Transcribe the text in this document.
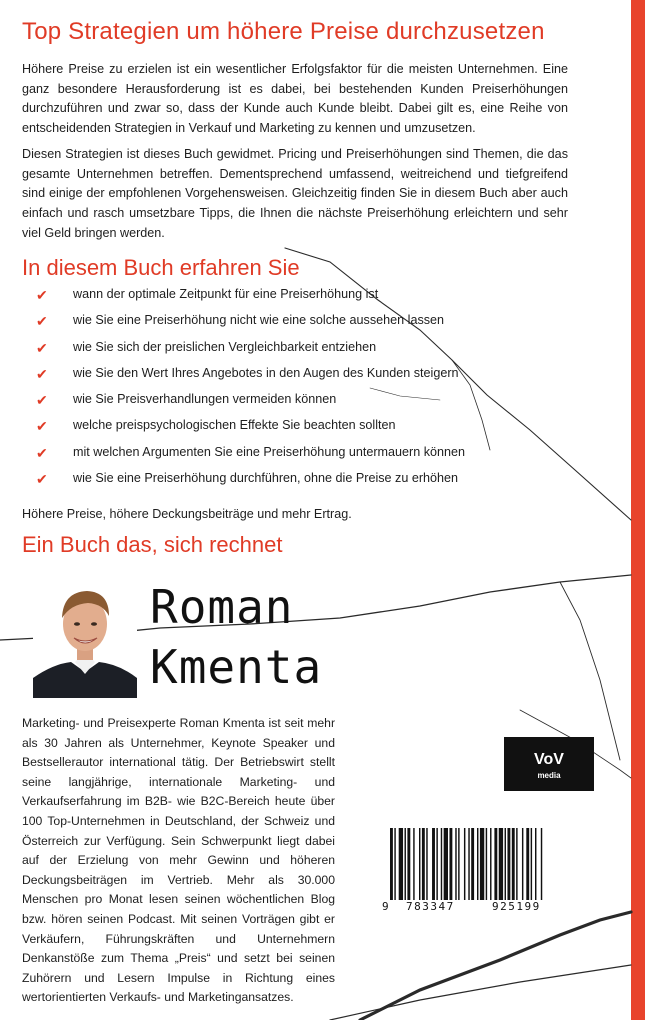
Top Strategien um höhere Preise durchzusetzen

Höhere Preise zu erzielen ist ein wesentlicher Erfolgsfaktor für die meisten Unternehmen. Eine ganz besondere Herausforderung ist es dabei, bei bestehenden Kunden Preiserhöhungen durchzuführen und zwar so, dass der Kunde auch Kunde bleibt. Dabei gilt es, eine Reihe von entscheidenden Strategien in Verkauf und Marketing zu kennen und umzusetzen.

Diesen Strategien ist dieses Buch gewidmet. Pricing und Preiserhöhungen sind Themen, die das gesamte Unternehmen betreffen. Dementsprechend umfassend, weitreichend und tiefgreifend sind einige der empfohlenen Vorgehensweisen. Gleichzeitig finden Sie in diesem Buch aber auch einfach und rasch umsetzbare Tipps, die Ihnen die nächste Preiserhöhung erleichtern und sehr viel Geld bringen werden.

In diesem Buch erfahren Sie
✔ wann der optimale Zeitpunkt für eine Preiserhöhung ist
✔ wie Sie eine Preiserhöhung nicht wie eine solche aussehen lassen
✔ wie Sie sich der preislichen Vergleichbarkeit entziehen
✔ wie Sie den Wert Ihres Angebotes in den Augen des Kunden steigern
✔ wie Sie Preisverhandlungen vermeiden können
✔ welche preispsychologischen Effekte Sie beachten sollten
✔ mit welchen Argumenten Sie eine Preiserhöhung untermauern können
✔ wie Sie eine Preiserhöhung durchführen, ohne die Preise zu erhöhen

Höhere Preise, höhere Deckungsbeiträge und mehr Ertrag.

Ein Buch das, sich rechnet
Roman
Kmenta

Marketing- und Preisexperte Roman Kmenta ist seit mehr als 30 Jahren als Unternehmer, Keynote Speaker und Bestsellerautor international tätig. Der Betriebswirt stellt seine langjährige, internationale Marketing- und Verkaufserfahrung im B2B- wie B2C-Bereich heute über 100 Top-Unternehmen in Deutschland, der Schweiz und Österreich zur Verfügung. Sein Schwerpunkt liegt dabei auf der Erzielung von mehr Gewinn und höheren Deckungsbeiträgen im Vertrieb. Mehr als 30.000 Menschen pro Monat lesen seinen wöchentlichen Blog bzw. hören seinen Podcast. Mit seinen Vorträgen gibt er Verkäufern, Führungskräften und Unternehmern Denkanstöße zum Thema „Preis“ und setzt bei seinen Zuhörern und Lesern Impulse in Richtung eines wertorientierten Verkaufs- und Marketingansatzes.

VoV
media
9 783347	925199
